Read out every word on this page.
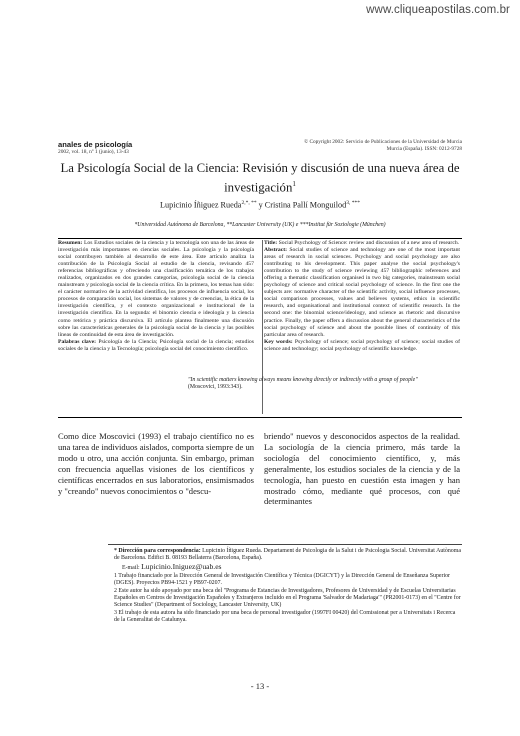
www.cliqueapostilas.com.br
anales de psicología
2002, vol. 18, nº 1 (junio), 13-43
© Copyright 2002: Servicio de Publicaciones de la Universidad de Murcia
Murcia (España). ISSN: 0212-9728
La Psicología Social de la Ciencia: Revisión y discusión de una nueva área de investigación$^1$
Lupicinio Íñiguez Rueda$^{2,*, **}$ y Cristina Pallí Monguilod$^{3, ***}$
*Universidad Autónoma de Barcelona, **Lancaster University (UK) e ***Institut für Soziologie (München)
Resumen: Los Estudios sociales de la ciencia y la tecnología son una de las áreas de investigación más importantes en ciencias sociales. La psicología y la psicología social contribuyen también al desarrollo de este área. Este artículo analiza la contribución de la Psicología Social al estudio de la ciencia, revisando 457 referencias bibliográficas y ofreciendo una clasificación temática de los trabajos realizados, organizados en dos grandes categorías, psicología social de la ciencia mainstream y psicología social de la ciencia crítica. En la primera, los temas han sido: el carácter normativo de la actividad científica, los procesos de influencia social, los procesos de comparación social, los sistemas de valores y de creencias, la ética de la investigación científica, y el contexto organizacional e institucional de la investigación científica. En la segunda: el binomio ciencia e ideología y la ciencia como retórica y práctica discursiva. El artículo plantea finalmente una discusión sobre las características generales de la psicología social de la ciencia y las posibles líneas de continuidad de esta área de investigación.
Palabras clave: Psicología de la Ciencia; Psicología social de la ciencia; estudios sociales de la ciencia y la Tecnología; psicología social del conocimiento científico.
Title: Social Psychology of Science: review and discussion of a new area of research.
Abstract: Social studies of science and technology are one of the most important areas of research in social sciences. Psychology and social psychology are also contributing to his development. This paper analyse the social psychology's contribution to the study of science reviewing 457 bibliographic references and offering a thematic classification organised in two big categories, mainstream social psychology of science and critical social psychology of science. In the first one the subjects are: normative character of the scientific activity, social influence processes, social comparison processes, values and believes systems, ethics in scientific research, and organisational and institutional context of scientific research. In the second one: the binomial science/ideology, and science as rhetoric and discursive practice. Finally, the paper offers a discussion about the general characteristics of the social psychology of science and about the possible lines of continuity of this particular area of research.
Key words: Psychology of science; social psychology of science; social studies of science and technology; social psychology of scientific knowledge.
"In scientific matters knowing always means knowing directly or indirectly with a group of people"
(Moscovici, 1993:343).
Como dice Moscovici (1993) el trabajo científico no es una tarea de individuos aislados, comporta siempre de un modo u otro, una acción conjunta. Sin embargo, priman con frecuencia aquellas visiones de los científicos y científicas encerrados en sus laboratorios, ensimismados y "creando" nuevos conocimientos o "descu-
briendo" nuevos y desconocidos aspectos de la realidad. La sociología de la ciencia primero, más tarde la sociología del conocimiento científico, y, más generalmente, los estudios sociales de la ciencia y de la tecnología, han puesto en cuestión esta imagen y han mostrado cómo, mediante qué procesos, con qué determinantes
* Dirección para correspondencia: Lupicinio Íñiguez Rueda. Departament de Psicologia de la Salut i de Psicologia Social. Universitat Autònoma de Barcelona. Edifici B. 08193 Bellaterra (Barcelona, España).
E-mail: Lupicinio.Iniguez@uab.es
1 Trabajo financiado por la Dirección General de Investigación Científica y Técnica (DGICYT) y la Dirección General de Enseñanza Superior (DGES). Proyectos PB94-1521 y PB97-0207.
2 Este autor ha sido apoyado por una beca del "Programa de Estancias de Investigadores, Profesores de Universidad y de Escuelas Universitarias Españoles en Centros de Investigación Españoles y Extranjeros incluido en el Programa 'Salvador de Madariaga'" (PR2001-0173) en el "Centre for Science Studies" (Department of Sociology, Lancaster University, UK)
3 El trabajo de esta autora ha sido financiado por una beca de personal investigador (1997FI 00420) del Comissionat per a Universitats i Recerca de la Generalitat de Catalunya.
- 13 -
